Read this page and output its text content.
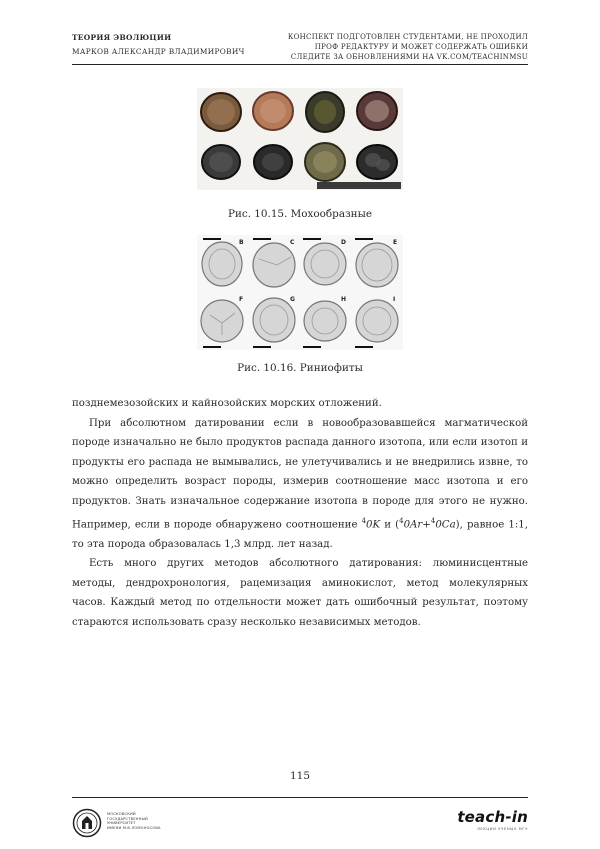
ТЕОРИЯ ЭВОЛЮЦИИ
МАРКОВ АЛЕКСАНДР ВЛАДИМИРОВИЧ
КОНСПЕКТ ПОДГОТОВЛЕН СТУДЕНТАМИ, НЕ ПРОХОДИЛ
ПРОФ РЕДАКТУРУ И МОЖЕТ СОДЕРЖАТЬ ОШИБКИ
СЛЕДИТЕ ЗА ОБНОВЛЕНИЯМИ НА VK.COM/TEACHINMSU
Рис. 10.15. Мохообразные
B	C	D	E
F	G	H	I
Рис. 10.16. Риниофиты

позднемезозойских и кайнозойских морских отложений.

При абсолютном датировании если в новообразовавшейся магматической породе изначально не было продуктов распада данного изотопа, или если изотоп и продукты его распада не вымывались, не улетучивались и не внедрились извне, то можно определить возраст породы, измерив соотношение масс изотопа и его продуктов. Знать изначальное содержание изотопа в породе для этого не нужно. Например, если в породе обнаружено соотношение $^4$0K и ($^4$0Ar+$^4$0Ca), равное 1:1, то эта порода образовалась 1,3 млрд. лет назад.

Есть много других методов абсолютного датирования: люминисцентные методы, дендрохронология, рацемизация аминокислот, метод молекулярных часов. Каждый метод по отдельности может дать ошибочный результат, поэтому стараются использовать сразу несколько независимых методов.

115
МОСКОВСКИЙ
ГОСУДАРСТВЕННЫЙ
УНИВЕРСИТЕТ
ИМЕНИ М.В.ЛОМОНОСОВА
teach-in
ЛЕКЦИИ УЧЕНЫХ МГУ
